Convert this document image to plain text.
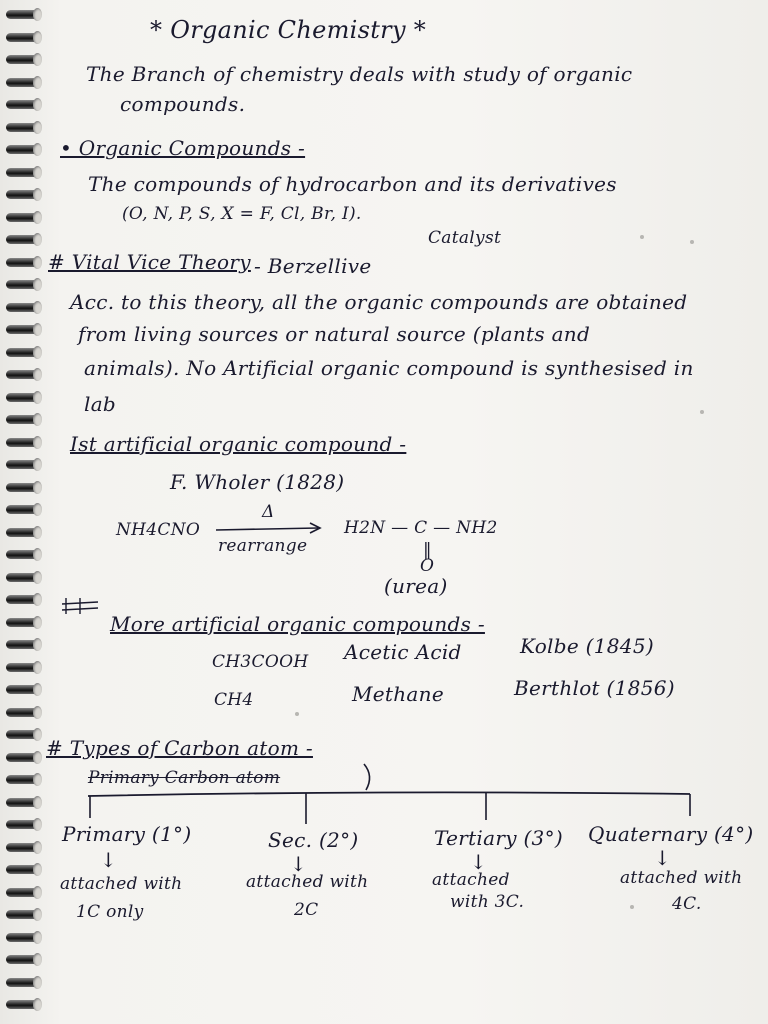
* Organic Chemistry *
The Branch of chemistry deals with study of organic
compounds.
• Organic Compounds -
The compounds of hydrocarbon and its derivatives
(O, N, P, S, X = F, Cl, Br, I).
# Vital Vice Theory - Berzellive
Catalyst
Acc. to this theory, all the organic compounds are obtained
from living sources or natural source (plants and
animals). No Artificial organic compound is synthesised in
lab
Ist artificial organic compound -
F. Wholer (1828)
NH4CNO
Δ
rearrange
H2N — C — NH2
‖
O
(urea)
More artificial organic compounds -
CH3COOH Acetic Acid	Kolbe (1845)
CH4	Methane	Berthlot (1856)
# Types of Carbon atom -
Primary Carbon atom
Primary (1°)
↓
attached with
1C only
Sec. (2°)
↓
attached with
2C
Tertiary (3°)
↓
attached
with 3C.
Quaternary (4°)
↓
attached with
4C.
